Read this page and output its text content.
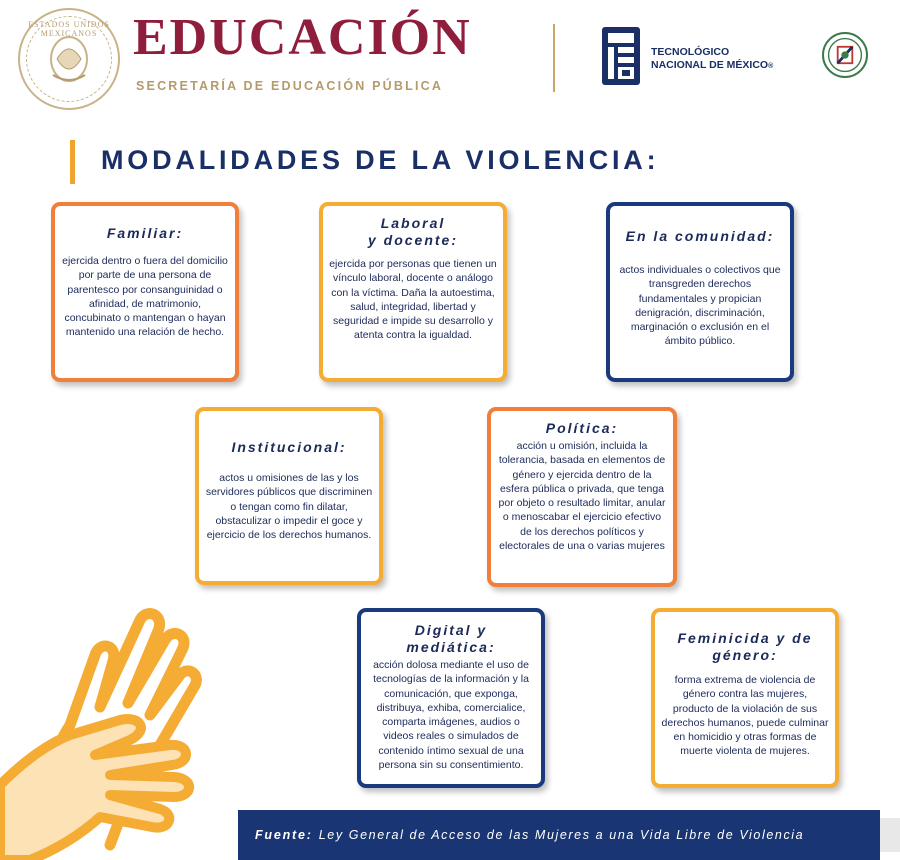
ESTADOS UNIDOS MEXICANOS EDUCACIÓN
SECRETARÍA DE EDUCACIÓN PÚBLICA
TECNOLÓGICO
NACIONAL DE MÉXICO®
MODALIDADES DE LA VIOLENCIA:
Familiar:
ejercida dentro o fuera del domicilio por parte de una persona de parentesco por consanguinidad o afinidad, de matrimonio, concubinato o mantengan o hayan mantenido una relación de hecho.
Laboral
y docente:
ejercida por personas que tienen un vínculo laboral, docente o análogo con la víctima. Daña la autoestima, salud, integridad, libertad y seguridad e impide su desarrollo y atenta contra la igualdad.
En la comunidad:
actos individuales o colectivos que transgreden derechos fundamentales y propician denigración, discriminación, marginación o exclusión en el ámbito público.
Institucional:
actos u omisiones de las y los servidores públicos que discriminen o tengan como fin dilatar, obstaculizar o impedir el goce y ejercicio de los derechos humanos.
Política:
acción u omisión, incluida la tolerancia, basada en elementos de género y ejercida dentro de la esfera pública o privada, que tenga por objeto o resultado limitar, anular o menoscabar el ejercicio efectivo de los derechos políticos y electorales de una o varias mujeres
Digital y
mediática:
acción dolosa mediante el uso de tecnologías de la información y la comunicación, que exponga, distribuya, exhiba, comercialice, comparta imágenes, audios o videos reales o simulados de contenido íntimo sexual de una persona sin su consentimiento.
Feminicida y de
género:
forma extrema de violencia de género contra las mujeres, producto de la violación de sus derechos humanos, puede culminar en homicidio y otras formas de muerte violenta de mujeres.
Fuente: Ley General de Acceso de las Mujeres a una Vida Libre de Violencia
